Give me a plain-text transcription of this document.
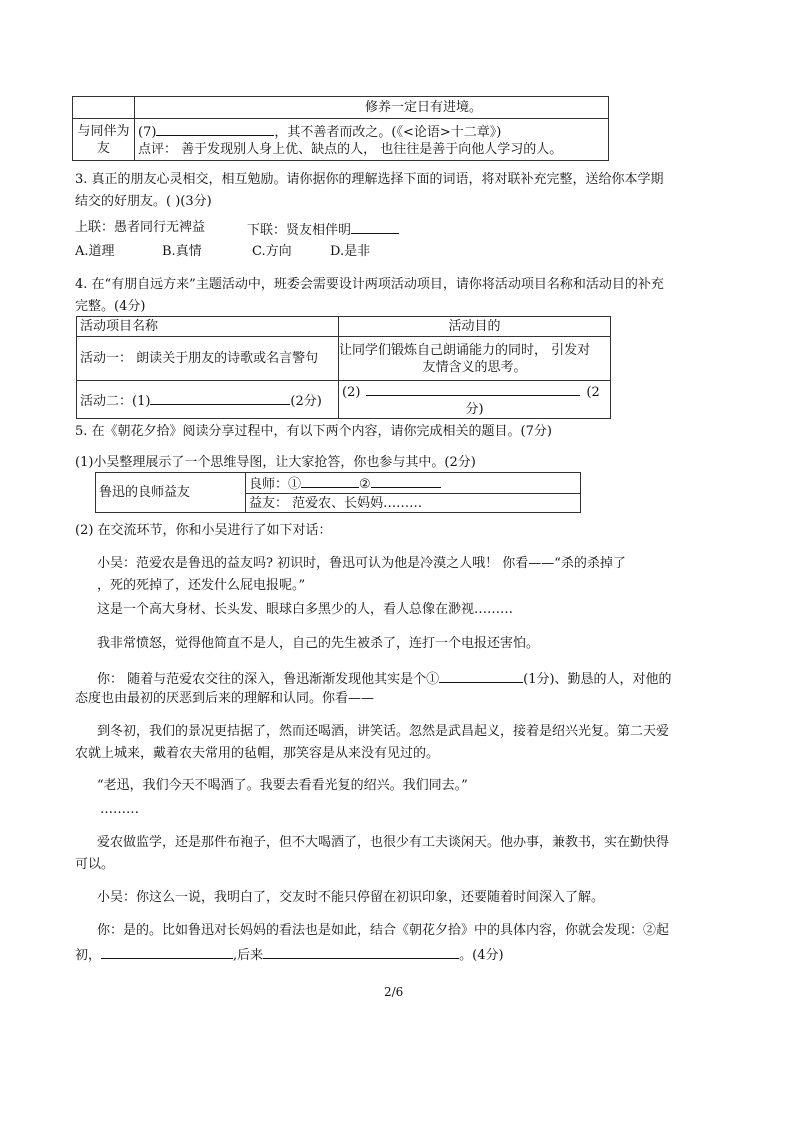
	修养一定日有进境。
与同伴为友	(7) ，其不善者而改之。(《<论语>十二章》)
点评： 善于发现别人身上优、缺点的人， 也往往是善于向他人学习的人。
3. 真正的朋友心灵相交，相互勉励。请你据你的理解选择下面的词语，将对联补充完整，送给你本学期
结交的好朋友。( )(3分)
上联：愚者同行无裨益	下联：贤友相伴明
A.道理	B.真情	C.方向	D.是非
4. 在“有朋自远方来”主题活动中，班委会需要设计两项活动项目，请你将活动项目名称和活动目的补充
完整。(4分)
活动项目名称	活动目的
活动一： 朗读关于朋友的诗歌或名言警句	让同学们锻炼自己朗诵能力的同时， 引发对
友情含义的思考。

活动二：(1) (2分)	(2) (2
分)
5. 在《朝花夕拾》阅读分享过程中，有以下两个内容，请你完成相关的题目。(7分)
(1)小吴整理展示了一个思维导图，让大家抢答，你也参与其中。(2分)
鲁迅的良师益友	良师：①	②
益友： 范爱农、长妈妈………
(2) 在交流环节，你和小吴进行了如下对话：
小吴：范爱农是鲁迅的益友吗? 初识时，鲁迅可认为他是冷漠之人哦！ 你看——“杀的杀掉了
，死的死掉了，还发什么屁电报呢。”
这是一个高大身材、长头发、眼球白多黑少的人，看人总像在渺视………
我非常愤怒，觉得他简直不是人，自己的先生被杀了，连打一个电报还害怕。
你： 随着与范爱农交往的深入，鲁迅渐渐发现他其实是个①	(1分)、勤恳的人，对他的
态度也由最初的厌恶到后来的理解和认同。你看——
到冬初，我们的景况更拮据了，然而还喝酒，讲笑话。忽然是武昌起义，接着是绍兴光复。第二天爱
农就上城来，戴着农夫常用的毡帽，那笑容是从来没有见过的。
“老迅，我们今天不喝酒了。我要去看看光复的绍兴。我们同去。”
………
爱农做监学，还是那件布袍子，但不大喝酒了，也很少有工夫谈闲天。他办事，兼教书，实在勤快得
可以。
小吴：你这么一说，我明白了，交友时不能只停留在初识印象，还要随着时间深入了解。
你：是的。比如鲁迅对长妈妈的看法也是如此，结合《朝花夕拾》中的具体内容，你就会发现：②起
初，	,后来	。(4分)
2/6
